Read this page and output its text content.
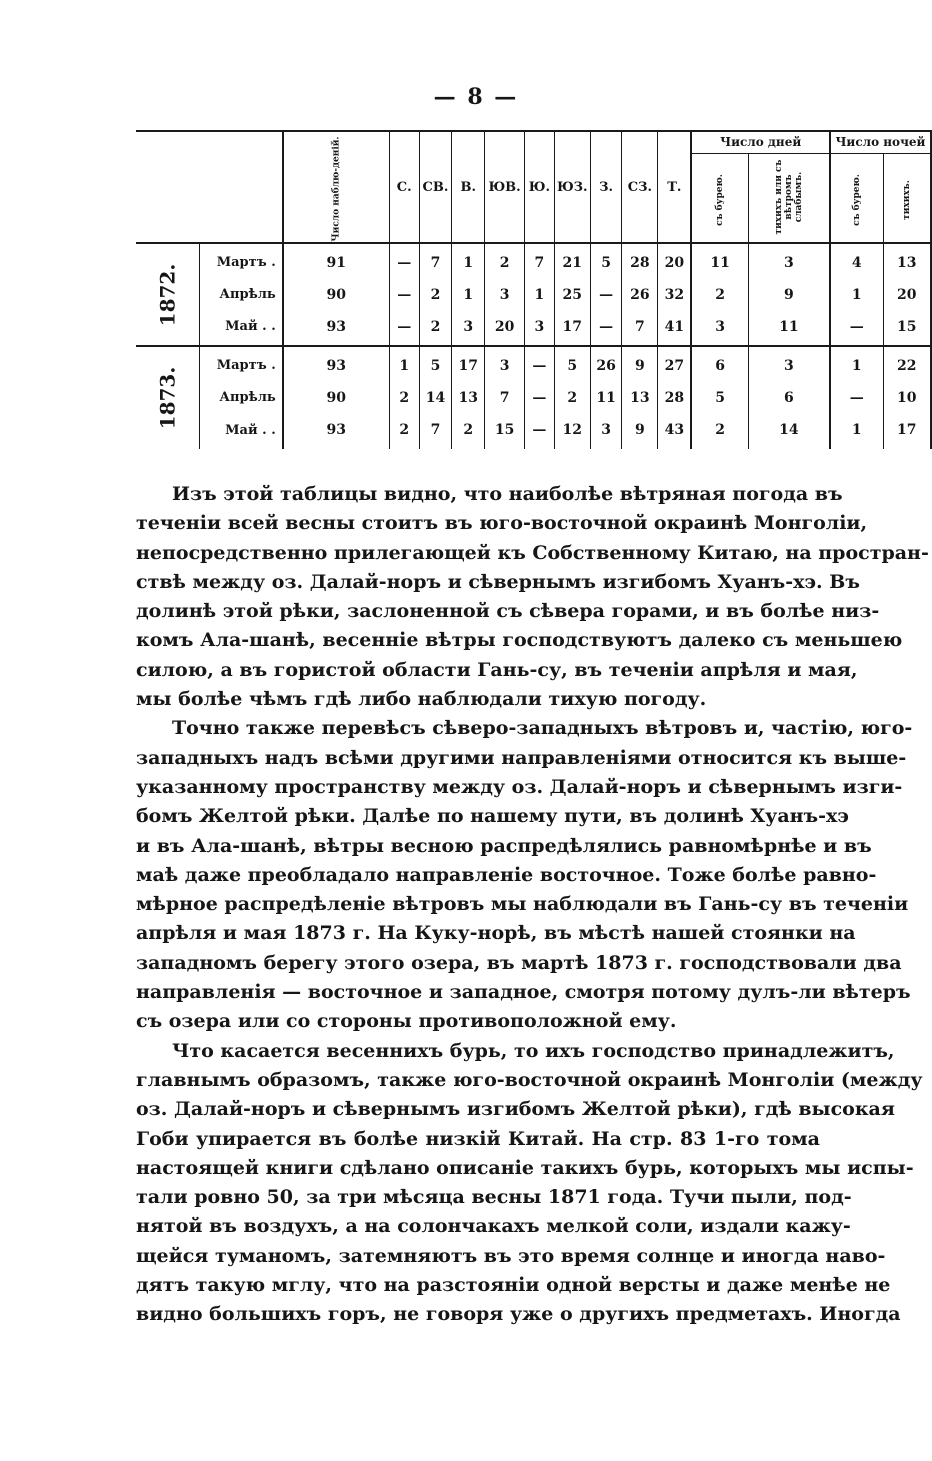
— 8 —
		Число наблю-деній.	С.	СВ.	В.	ЮВ.	Ю.	ЮЗ.	З.	СЗ.	Т.	Число дней		Число ночей	
												съ бурею.	тихихъ или съ вѣтромъ слабымъ.	съ бурею.	тихихъ.
1872.	Мартъ .	91	—	7	1	2	7	21	5	28	20	11	3	4	13
	Апрѣль	90	—	2	1	3	1	25	—	26	32	2	9	1	20
	Май . .	93	—	2	3	20	3	17	—	7	41	3	11	—	15
1873.	Мартъ .	93	1	5	17	3	—	5	26	9	27	6	3	1	22
	Апрѣль	90	2	14	13	7	—	2	11	13	28	5	6	—	10
	Май . .	93	2	7	2	15	—	12	3	9	43	2	14	1	17

Изъ этой таблицы видно, что наиболѣе вѣтряная погода въ
теченіи всей весны стоитъ въ юго-восточной окраинѣ Монголіи,
непосредственно прилегающей къ Собственному Китаю, на простран-
ствѣ между оз. Далай-норъ и сѣвернымъ изгибомъ Хуанъ-хэ. Въ
долинѣ этой рѣки, заслоненной съ сѣвера горами, и въ болѣе низ-
комъ Ала-шанѣ, весенніе вѣтры господствуютъ далеко съ меньшею
силою, а въ гористой области Гань-су, въ теченіи апрѣля и мая,
мы болѣе чѣмъ гдѣ либо наблюдали тихую погоду.

Точно также перевѣсъ сѣверо-западныхъ вѣтровъ и, частію, юго-
западныхъ надъ всѣми другими направленіями относится къ выше-
указанному пространству между оз. Далай-норъ и сѣвернымъ изги-
бомъ Желтой рѣки. Далѣе по нашему пути, въ долинѣ Хуанъ-хэ
и въ Ала-шанѣ, вѣтры весною распредѣлялись равномѣрнѣе и въ
маѣ даже преобладало направленіе восточное. Тоже болѣе равно-
мѣрное распредѣленіе вѣтровъ мы наблюдали въ Гань-су въ теченіи
апрѣля и мая 1873 г. На Куку-норѣ, въ мѣстѣ нашей стоянки на
западномъ берегу этого озера, въ мартѣ 1873 г. господствовали два
направленія — восточное и западное, смотря потому дулъ-ли вѣтеръ
съ озера или со стороны противоположной ему.

Что касается весеннихъ бурь, то ихъ господство принадлежитъ,
главнымъ образомъ, также юго-восточной окраинѣ Монголіи (между
оз. Далай-норъ и сѣвернымъ изгибомъ Желтой рѣки), гдѣ высокая
Гоби упирается въ болѣе низкій Китай. На стр. 83 1-го тома
настоящей книги сдѣлано описаніе такихъ бурь, которыхъ мы испы-
тали ровно 50, за три мѣсяца весны 1871 года. Тучи пыли, под-
нятой въ воздухъ, а на солончакахъ мелкой соли, издали кажу-
щейся туманомъ, затемняютъ въ это время солнце и иногда наво-
дятъ такую мглу, что на разстояніи одной версты и даже менѣе не
видно большихъ горъ, не говоря уже о другихъ предметахъ. Иногда
